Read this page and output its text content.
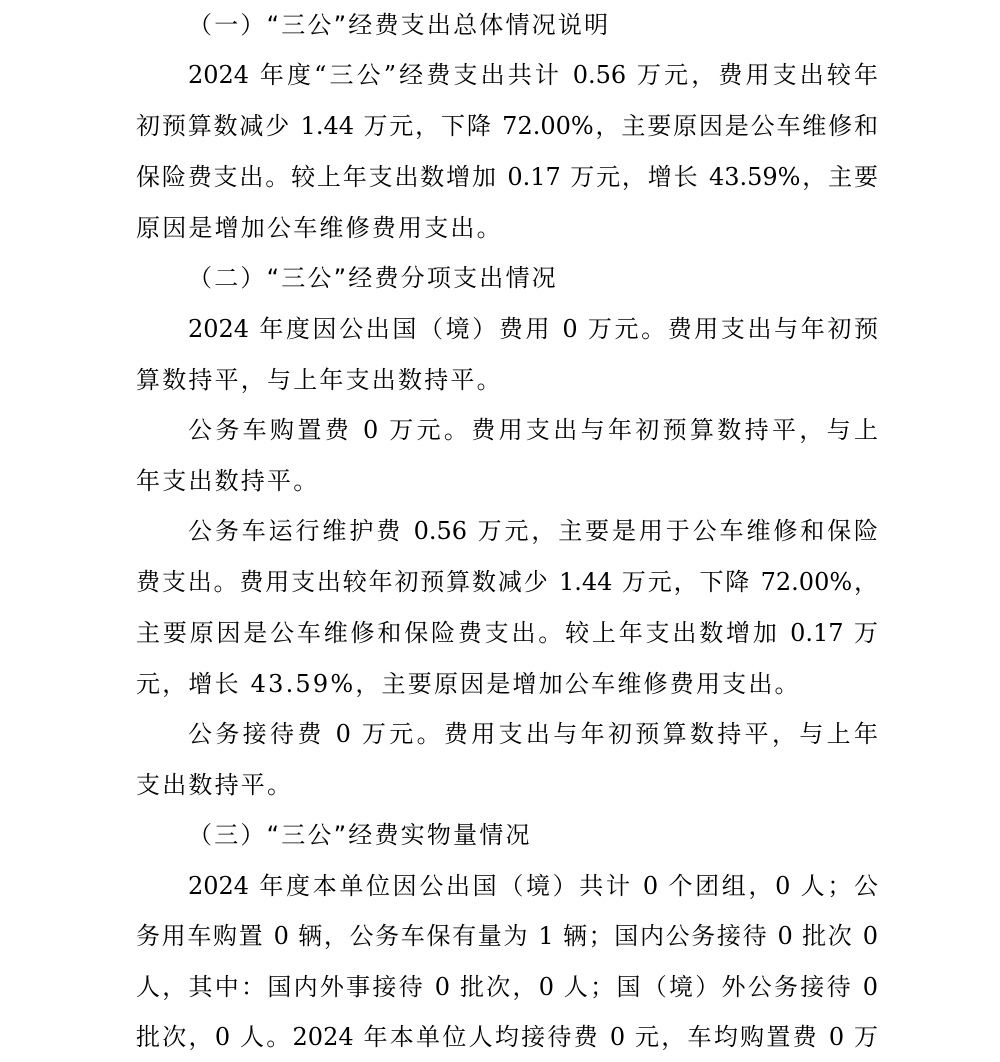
（一）“三公”经费支出总体情况说明
2024 年度“三公”经费支出共计 0.56 万元，费用支出较年
初预算数减少 1.44 万元，下降 72.00%，主要原因是公车维修和
保险费支出。较上年支出数增加 0.17 万元，增长 43.59%，主要
原因是增加公车维修费用支出。
（二）“三公”经费分项支出情况
2024 年度因公出国（境）费用 0 万元。费用支出与年初预
算数持平，与上年支出数持平。
公务车购置费 0 万元。费用支出与年初预算数持平，与上
年支出数持平。
公务车运行维护费 0.56 万元，主要是用于公车维修和保险
费支出。费用支出较年初预算数减少 1.44 万元，下降 72.00%，
主要原因是公车维修和保险费支出。较上年支出数增加 0.17 万
元，增长 43.59%，主要原因是增加公车维修费用支出。
公务接待费 0 万元。费用支出与年初预算数持平，与上年
支出数持平。
（三）“三公”经费实物量情况
2024 年度本单位因公出国（境）共计 0 个团组，0 人；公
务用车购置 0 辆，公务车保有量为 1 辆；国内公务接待 0 批次 0
人，其中：国内外事接待 0 批次，0 人；国（境）外公务接待 0
批次，0 人。2024 年本单位人均接待费 0 元，车均购置费 0 万
